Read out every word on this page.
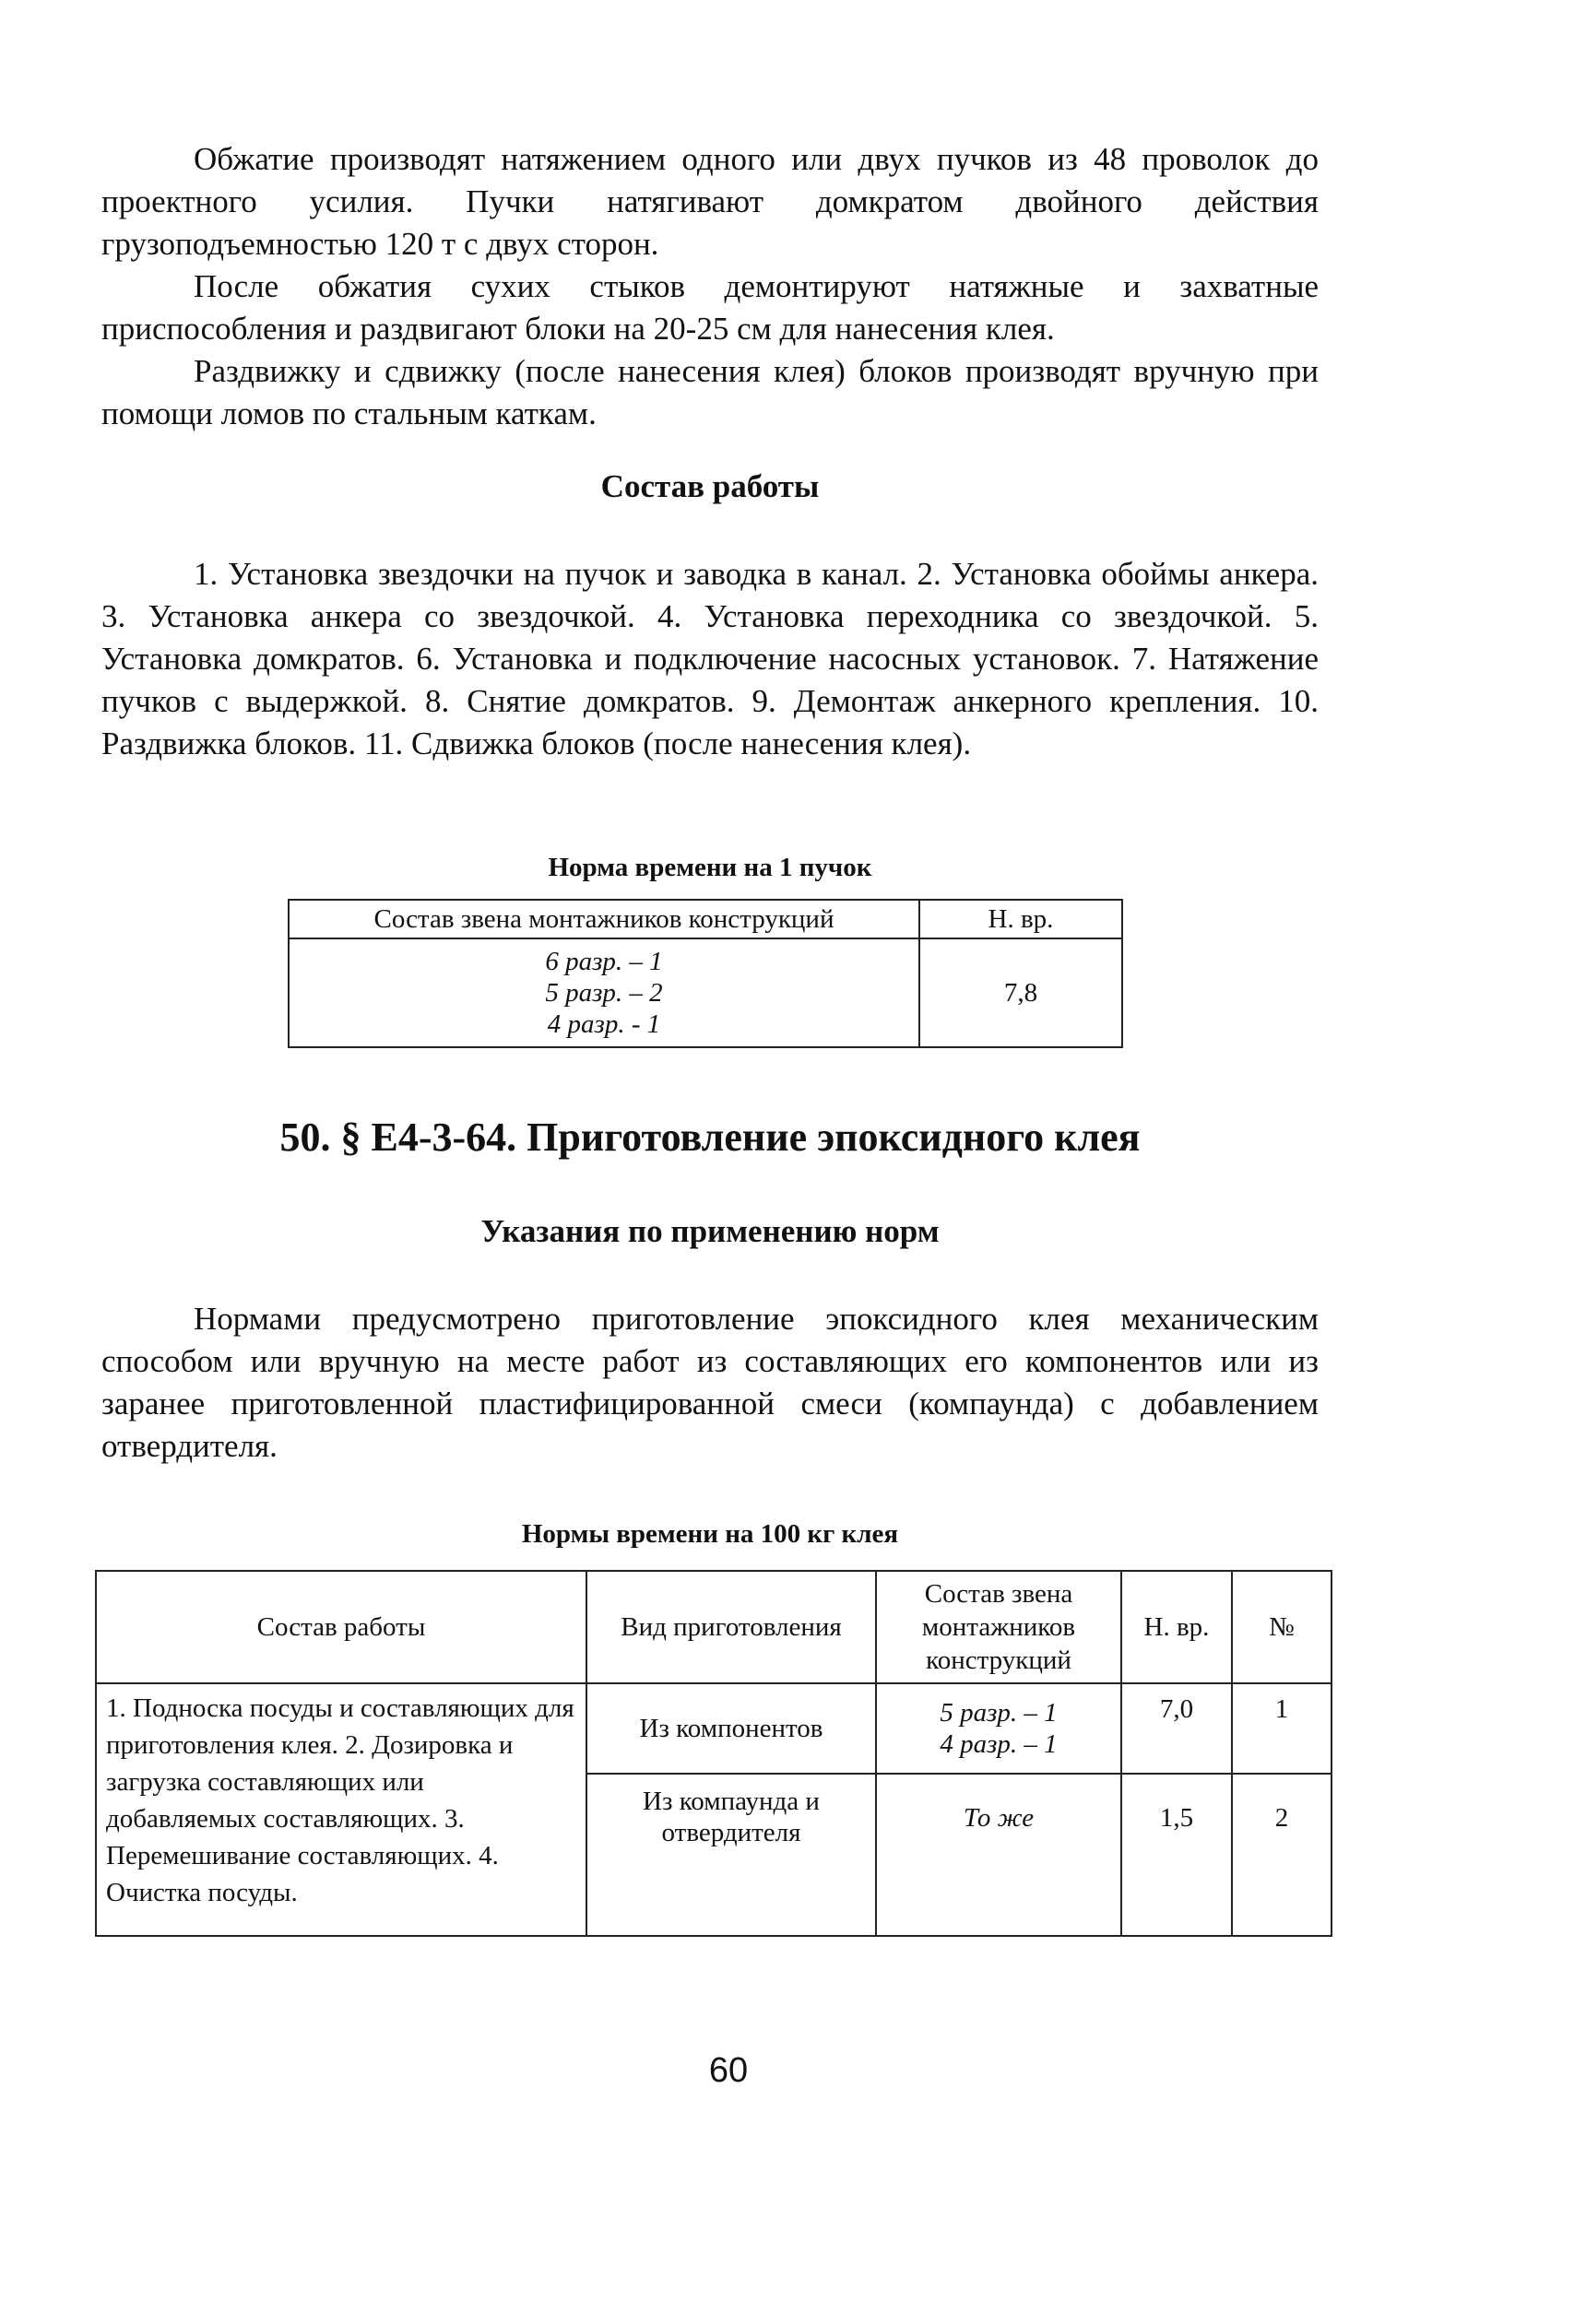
Обжатие производят натяжением одного или двух пучков из 48 проволок до проектного усилия. Пучки натягивают домкратом двойного действия грузоподъемностью 120 т с двух сторон.

После обжатия сухих стыков демонтируют натяжные и захватные приспособления и раздвигают блоки на 20-25 см для нанесения клея.

Раздвижку и сдвижку (после нанесения клея) блоков производят вручную при помощи ломов по стальным каткам.

Состав работы

1. Установка звездочки на пучок и заводка в канал. 2. Установка обоймы анкера. 3. Установка анкера со звездочкой. 4. Установка переходника со звездочкой. 5. Установка домкратов. 6. Установка и подключение насосных установок. 7. Натяжение пучков с выдержкой. 8. Снятие домкратов. 9. Демонтаж анкерного крепления. 10. Раздвижка блоков. 11. Сдвижка блоков (после нанесения клея).

Норма времени на 1 пучок
Состав звена монтажников конструкций	Н. вр.

6 разр. – 1
5 разр. – 2
4 разр. - 1	7,8
50. § Е4-3-64. Приготовление эпоксидного клея
Указания по применению норм

Нормами предусмотрено приготовление эпоксидного клея механическим способом или вручную на месте работ из составляющих его компонентов или из заранее приготовленной пластифицированной смеси (компаунда) с добавлением отвердителя.

Нормы времени на 100 кг клея
Состав работы	Вид приготовления	Состав звена монтажников конструкций	Н. вр.	№
1. Подноска посуды и составляющих для приготовления клея. 2. Дозировка и загрузка составляющих или добавляемых составляющих. 3. Перемешивание составляющих. 4. Очистка посуды.	Из компонентов	5 разр. – 1
4 разр. – 1	7,0	1
	Из компаунда и отвердителя	То же	1,5	2
60
